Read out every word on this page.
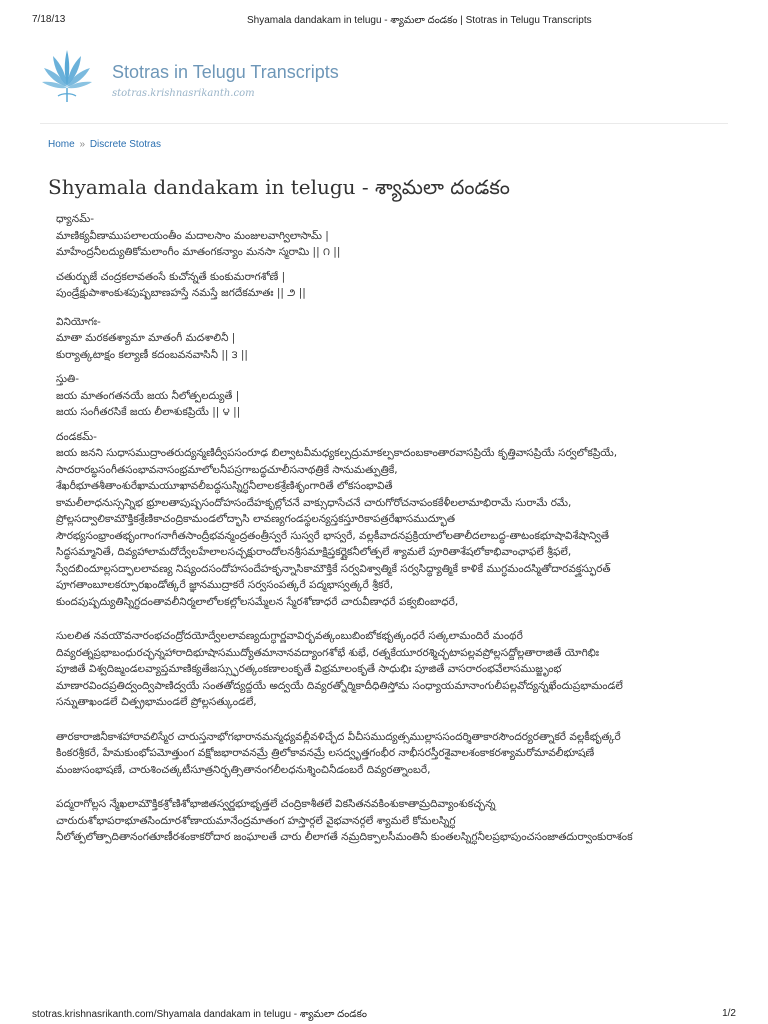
7/18/13	Shyamala dandakam in telugu - శ్యామలా దండకం | Stotras in Telugu Transcripts
Stotras in Telugu Transcripts
stotras.krishnasrikanth.com
Home » Discrete Stotras
Shyamala dandakam in telugu - శ్యామలా దండకం

ధ్యానమ్-
మాణిక్యవీణాముపలాలయంతీం మదాలసాం మంజులవాగ్విలాసామ్ |
మాహేంద్రనీలద్యుతికోమలాంగీం మాతంగకన్యాం మనసా స్మరామి || ౧ ||

చతుర్భుజే చంద్రకలావతంసే కుచోన్నతే కుంకుమరాగశోణే |
పుండ్రేక్షుపాశాంకుశపుష్పబాణహస్తే నమస్తే జగదేకమాతః || ౨ ||

వినియోగః-
మాతా మరకతశ్యామా మాతంగీ మదశాలినీ |
కుర్యాత్కటాక్షం కల్యాణీ కదంబవనవాసినీ || ౩ ||

స్తుతి-
జయ మాతంగతనయే జయ నీలోత్పలద్యుతే |
జయ సంగీతరసికే జయ లీలాశుకప్రియే || ౪ ||

దండకమ్-
జయ జనని సుధాసముద్రాంతరుద్యన్మణిద్వీపసంరూఢ బిల్వాటవీమధ్యకల్పద్రుమాకల్పకాదంబకాంతారవాసప్రియే కృత్తివాసప్రియే సర్వలోకప్రియే,
సాదరారబ్ధసంగీతసంభావనాసంభ్రమాలోలనీపస్రగాబద్ధచూలీసనాథత్రికే సానుమత్పుత్రికే,
శేఖరీభూతశీతాంశురేఖామయూఖావలీబద్ధసుస్నిగ్ధనీలాలకశ్రేణిశృంగారితే లోకసంభావితే
కామలీలాధనుస్సన్నిభ భ్రూలతాపుష్పసందోహసందేహకృల్లోచనే వాక్సుధాసేచనే చారుగోరోచనాపంకకేళీలలామాభిరామే సురామే రమే,
ప్రోల్లసద్వాలికామౌక్తికశ్రేణికాచంద్రికామండలోద్భాసి లావణ్యగండస్థలన్యస్తకస్తూరికాపత్రరేఖాసముద్భూత
సౌరభ్యసంభ్రాంతభృంగాంగనాగీతసాంద్రీభవన్మంద్రతంత్రీస్వరే సుస్వరే భాస్వరే, వల్లకీవాదనప్రక్రియాలోలతాలీదలాబద్ధ-తాటంకభూషావిశేషాన్వితే
సిద్ధసమ్మానితే, దివ్యహాలామదోద్వేలహేలాలసచ్చక్షురాందోలనశ్రీసమాక్షిప్తకర్ణైకనీలోత్పలే శ్యామలే పూరితాశేషలోకాభివాంఛాఫలే శ్రీఫలే,
స్వేదబిందూల్లసద్ఫాలలావణ్య నిష్యందసందోహసందేహకృన్నాసికామౌక్తికే సర్వవిశ్వాత్మికే సర్వసిద్ధ్యాత్మికే కాళికే ముగ్ధమందస్మితోదారవక్త్రస్ఫురత్
పూగతాంబూలకర్పూరఖండోత్కరే జ్ఞానముద్రాకరే సర్వసంపత్కరే పద్మభాస్వత్కరే శ్రీకరే,
కుందపుష్పద్యుతిస్నిగ్ధదంతావలీనిర్మలాలోలకల్లోలసమ్మేలన స్మేరశోణాధరే చారువీణాధరే పక్వబింబాధరే,

సులలిత నవయౌవనారంభచంద్రోదయోద్వేలలావణ్యదుగ్ధార్ణవావిర్భవత్కంబుబింబోకభృత్కంధరే సత్కలామందిరే మంథరే
దివ్యరత్నప్రభాబంధురచ్ఛన్నహారాదిభూషాసముద్యోతమానానవద్యాంగశోభే శుభే, రత్నకేయూరరశ్మిచ్ఛటాపల్లవప్రోల్లసద్దోల్లతారాజితే యోగిభిః
పూజితే విశ్వదిఙ్మండలవ్యాప్తమాణిక్యతేజస్స్ఫురత్కంకణాలంకృతే విభ్రమాలంకృతే సాధుభిః పూజితే వాసరారంభవేలాసముజ్జృంభ
మాణారవిందప్రతిద్వంద్విపాణిద్వయే సంతతోద్యద్దయే అద్వయే దివ్యరత్నోర్మికాదీధితిస్తోమ సంధ్యాయమానాంగులీపల్లవోద్యన్నఖేందుప్రభామండలే
సన్నుతాఖండలే చిత్ప్రభామండలే ప్రోల్లసత్కుండలే,

తారకారాజినీకాశహారావలిస్మేర చారుస్తనాభోగభారానమన్మధ్యవల్లీవళిచ్ఛేద వీచీసముద్యత్సముల్లాససందర్శితాకారసౌందర్యరత్నాకరే వల్లకీభృత్కరే
కింకరశ్రీకరే, హేమకుంభోపమోత్తుంగ వక్షోజభారావనమ్రే త్రిలోకావనమ్రే లసద్వృత్తగంభీర నాభీసరస్తీరశైవాలశంకాకరశ్యామరోమావలీభూషణే
మంజుసంభాషణే, చారుశించత్కటీసూత్రనిర్భత్సితానంగలీలధనుశ్శించినీడంబరే దివ్యరత్నాంబరే,

పద్మరాగోల్లస న్మేఖలామౌక్తికశ్రోణిశోభాజితస్వర్ణభూభృత్తలే చంద్రికాశీతలే వికసితనవకింశుకాతామ్రదివ్యాంశుకచ్ఛన్న
చారురుశోభాపరాభూతసిందూరశోణాయమానేంద్రమాతంగ హస్తార్గలే వైభవానర్గలే శ్యామలే కోమలస్నిగ్ధ
నీలోత్పలోత్పాదితానంగతూణీరశంకాకరోదార జంఘాలతే చారు లీలాగతే నమ్రదిక్పాలసీమంతినీ కుంతలస్నిగ్ధనీలప్రభాపుంచసంజాతదుర్వాంకురాశంక

stotras.krishnasrikanth.com/Shyamala dandakam in telugu - శ్యామలా దండకం	1/2
